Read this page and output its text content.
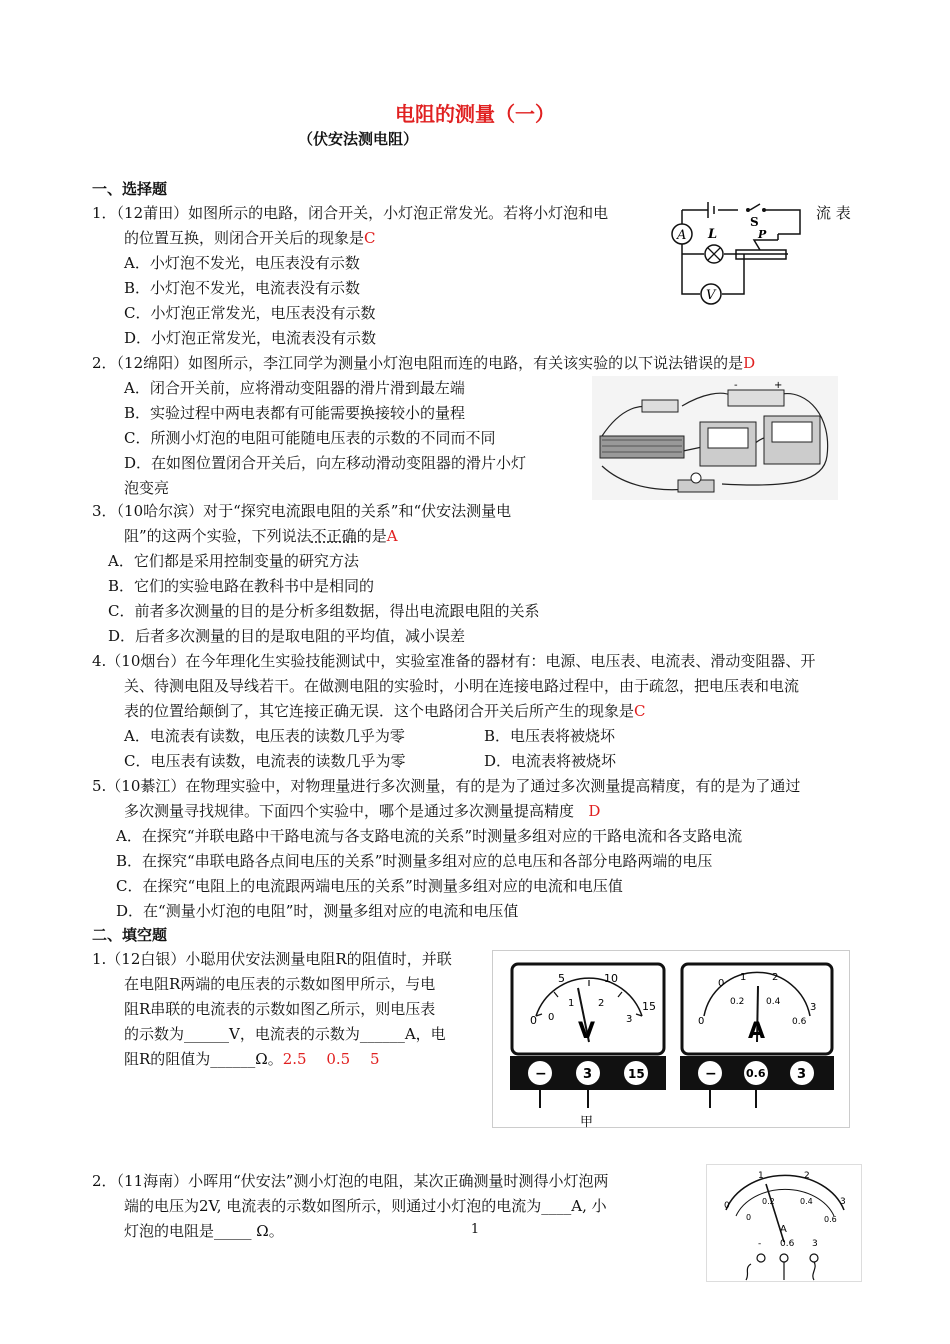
电阻的测量（一）
（伏安法测电阻）
一、选择题
1．（12莆田）如图所示的电路，闭合开关，小灯泡正常发光。若将小灯泡和电	流 表
的位置互换，则闭合开关后的现象是C
A．小灯泡不发光，电压表没有示数
B．小灯泡不发光，电流表没有示数
C．小灯泡正常发光，电压表没有示数
D．小灯泡正常发光，电流表没有示数
A L
S
P
V
2．（12绵阳）如图所示，李江同学为测量小灯泡电阻而连的电路，有关该实验的以下说法错误的是D
A．闭合开关前，应将滑动变阻器的滑片滑到最左端
B．实验过程中两电表都有可能需要换接较小的量程
C．所测小灯泡的电阻可能随电压表的示数的不同而不同
D．在如图位置闭合开关后，向左移动滑动变阻器的滑片小灯
泡变亮
-	+
3．（10哈尔滨）对于“探究电流跟电阻的关系”和“伏安法测量电
阻”的这两个实验，下列说法不正确的是A
A．它们都是采用控制变量的研究方法
B．它们的实验电路在教科书中是相同的
C．前者多次测量的目的是分析多组数据，得出电流跟电阻的关系
D．后者多次测量的目的是取电阻的平均值，减小误差
4.（10烟台）在今年理化生实验技能测试中，实验室准备的器材有：电源、电压表、电流表、滑动变阻器、开
关、待测电阻及导线若干。在做测电阻的实验时，小明在连接电路过程中，由于疏忽，把电压表和电流
表的位置给颠倒了，其它连接正确无误．这个电路闭合开关后所产生的现象是C
A．电流表有读数，电压表的读数几乎为零	B．电压表将被烧坏
C．电压表有读数，电流表的读数几乎为零	D．电流表将被烧坏
5.（10綦江）在物理实验中，对物理量进行多次测量，有的是为了通过多次测量提高精度，有的是为了通过
多次测量寻找规律。下面四个实验中，哪个是通过多次测量提高精度 D
A．在探究“并联电路中干路电流与各支路电流的关系”时测量多组对应的干路电流和各支路电流
B．在探究“串联电路各点间电压的关系”时测量多组对应的总电压和各部分电路两端的电压
C．在探究“电阻上的电流跟两端电压的关系”时测量多组对应的电流和电压值
D．在“测量小灯泡的电阻”时，测量多组对应的电流和电压值
二、填空题
1.（12白银）小聪用伏安法测量电阻R的阻值时，并联
在电阻R两端的电压表的示数如图甲所示，与电
阻R串联的电流表的示数如图乙所示，则电压表
的示数为______V，电流表的示数为______A，电
阻R的阻值为______Ω。2.5　 0.5　 5
0
5	10
15
0
1 2
3
V
−	3	15
甲
0
0.2 0.4
0.6
0
1	2
3
A
−	0.6 3
2．（11海南）小晖用“伏安法”测小灯泡的电阻，某次正确测量时测得小灯泡两
端的电压为2V, 电流表的示数如图所示，则通过小灯泡的电流为____A, 小
灯泡的电阻是_____ Ω。
0
1	2
3
0
0.2	0.4
0.6
A
- 0.6 3
1
